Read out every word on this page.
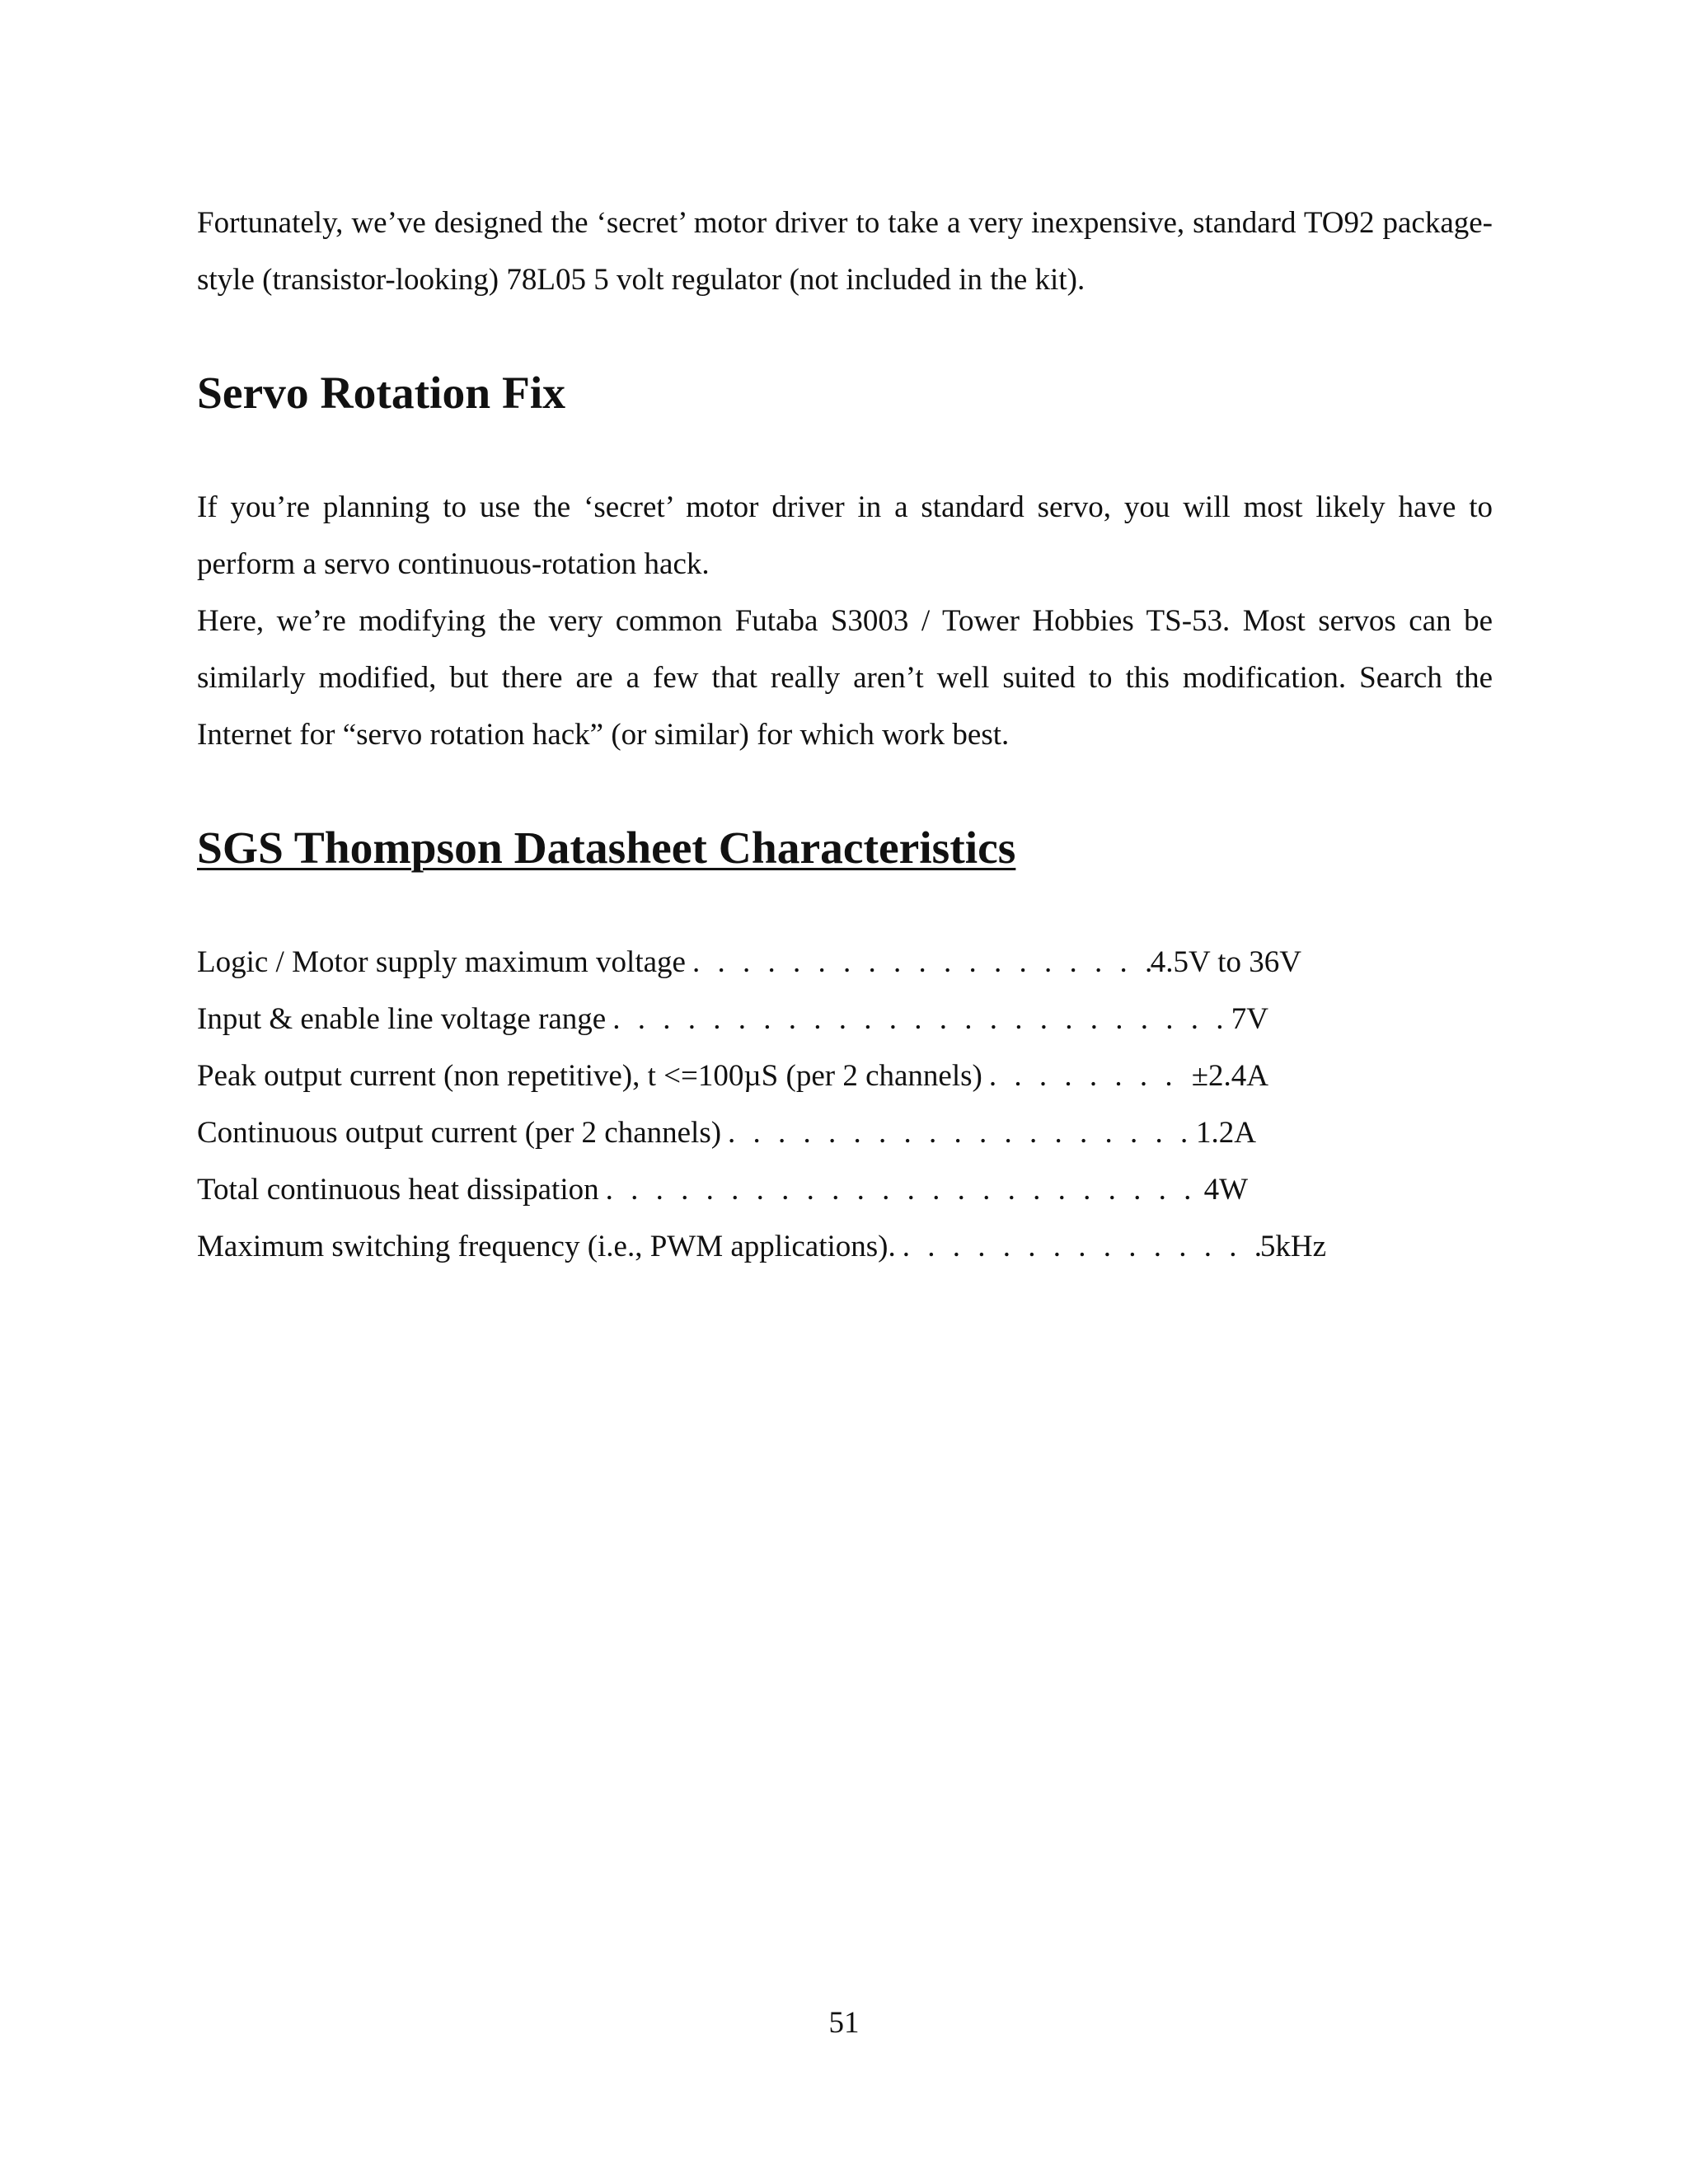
Fortunately, we’ve designed the ‘secret’ motor driver to take a very inexpensive, standard TO92 package-style (transistor-looking) 78L05 5 volt regulator (not included in the kit).

Servo Rotation Fix

If you’re planning to use the ‘secret’ motor driver in a standard servo, you will most likely have to perform a servo continuous-rotation hack.

Here, we’re modifying the very common Futaba S3003 / Tower Hobbies TS-53. Most servos can be similarly modified, but there are a few that really aren’t well suited to this modification. Search the Internet for “servo rotation hack” (or similar) for which work best.

SGS Thompson Datasheet Characteristics
Logic / Motor supply maximum voltage . . .	4.5V to 36V
Input & enable line voltage range . . .	7V
Peak output current (non repetitive), t <=100µS (per 2 channels) . . .	±2.4A
Continuous output current (per 2 channels) . . .	1.2A
Total continuous heat dissipation . . .	4W
Maximum switching frequency (i.e., PWM applications). . . .	5kHz
51
